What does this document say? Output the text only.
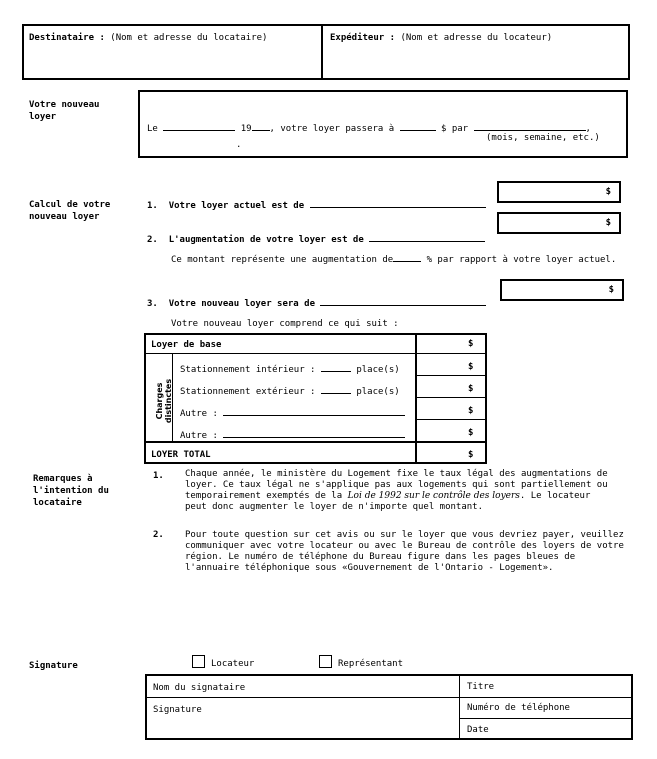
Destinataire : (Nom et adresse du locataire)	Expéditeur : (Nom et adresse du locateur)
Votre nouveau loyer
Le	19 , votre loyer passera à	$ par	,
(mois, semaine, etc.)
.
Calcul de votre nouveau loyer
$
1. Votre loyer actuel est de
$
2. L'augmentation de votre loyer est de
Ce montant représente une augmentation de	% par rapport à votre loyer actuel.
$
3. Votre nouveau loyer sera de
Votre nouveau loyer comprend ce qui suit :
Loyer de base	$
Charges distinctes
Stationnement intérieur :	place(s)	$
Stationnement extérieur :	place(s)	$
Autre :	$
Autre :	$
LOYER TOTAL	$
Remarques à l'intention du locataire
1. Chaque année, le ministère du Logement fixe le taux légal des augmentations de
loyer. Ce taux légal ne s'applique pas aux logements qui sont partiellement ou
temporairement exemptés de la Loi de 1992 sur le contrôle des loyers. Le locateur
peut donc augmenter le loyer de n'importe quel montant.
2. Pour toute question sur cet avis ou sur le loyer que vous devriez payer, veuillez
communiquer avec votre locateur ou avec le Bureau de contrôle des loyers de votre
région. Le numéro de téléphone du Bureau figure dans les pages bleues de
l'annuaire téléphonique sous «Gouvernement de l'Ontario - Logement».
Signature	Locateur	Représentant
Nom du signataire	Titre
Signature	Numéro de téléphone
Date
